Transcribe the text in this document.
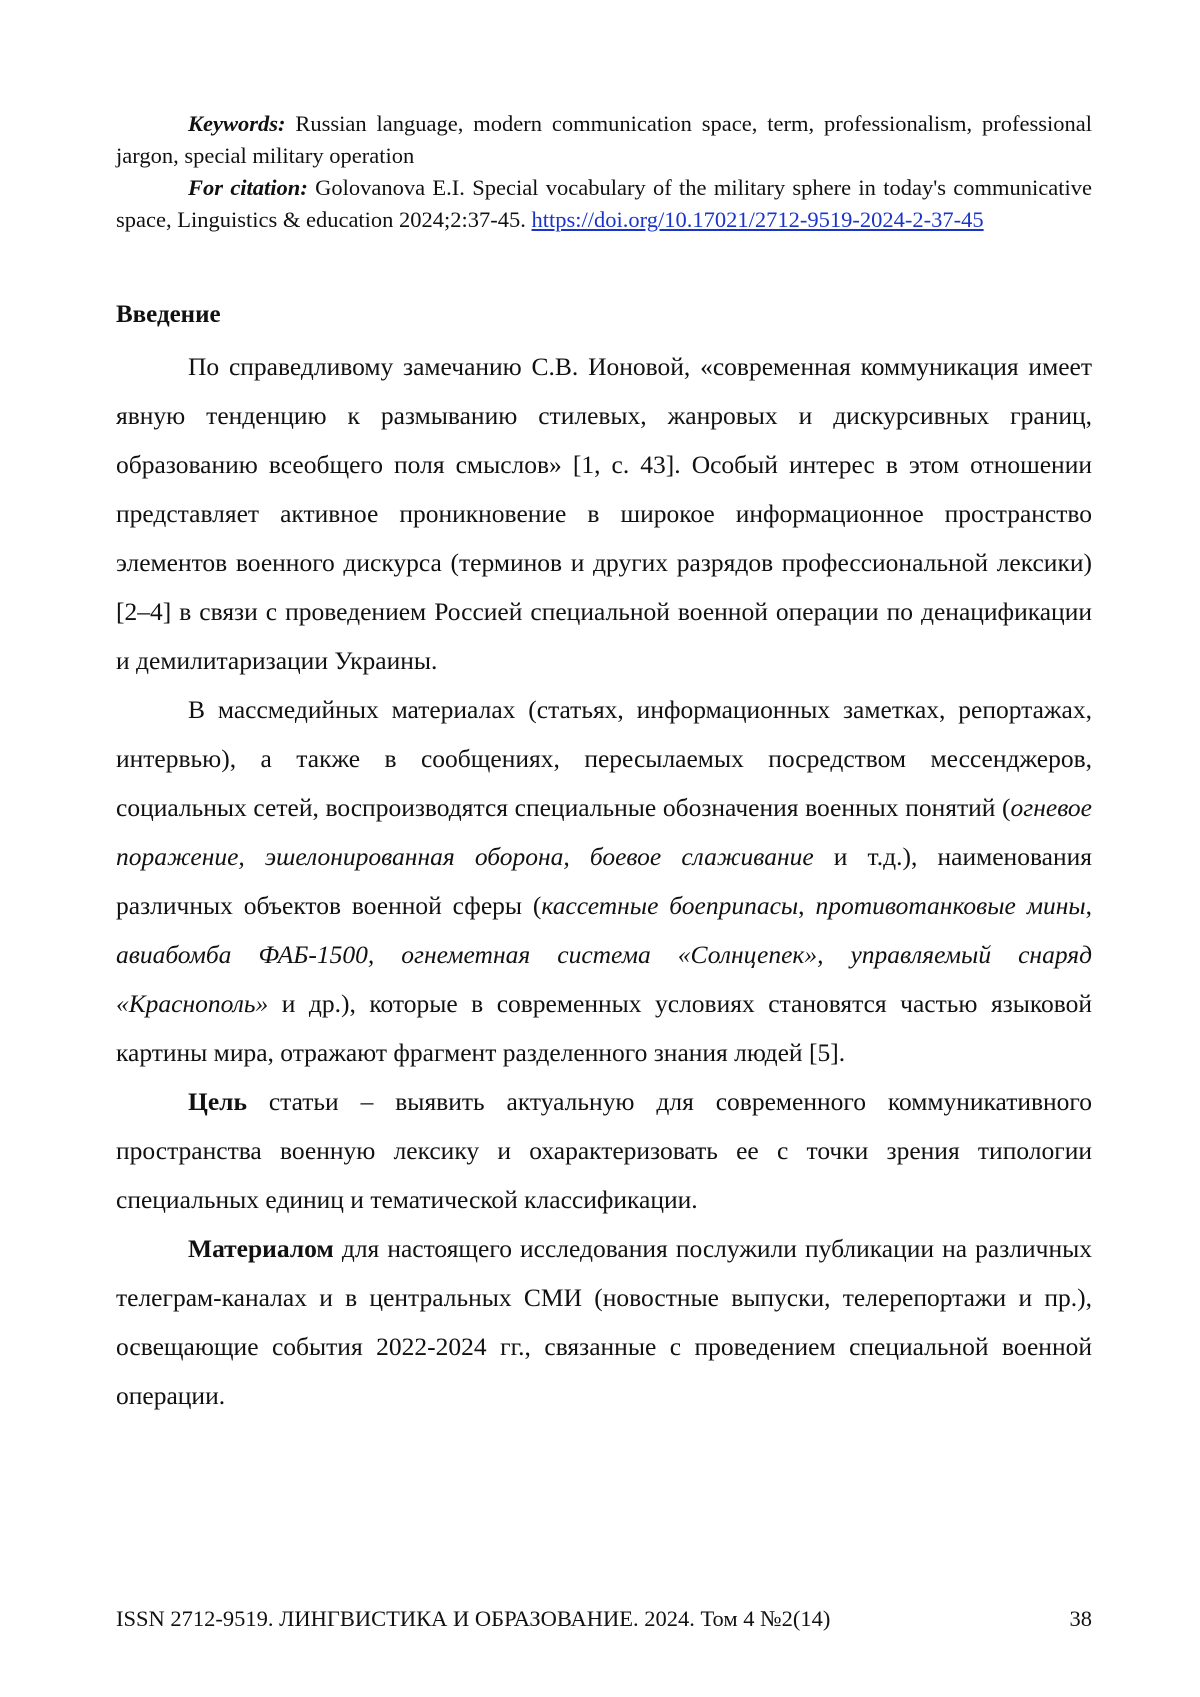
Keywords: Russian language, modern communication space, term, professionalism, professional jargon, special military operation

For citation: Golovanova E.I. Special vocabulary of the military sphere in today's communicative space, Linguistics & education 2024;2:37-45. https://doi.org/10.17021/2712-9519-2024-2-37-45

Введение

По справедливому замечанию С.В. Ионовой, «современная коммуникация имеет явную тенденцию к размыванию стилевых, жанровых и дискурсивных границ, образованию всеобщего поля смыслов» [1, с. 43]. Особый интерес в этом отношении представляет активное проникновение в широкое информационное пространство элементов военного дискурса (терминов и других разрядов профессиональной лексики) [2–4] в связи с проведением Россией специальной военной операции по денацификации и демилитаризации Украины.

В массмедийных материалах (статьях, информационных заметках, репортажах, интервью), а также в сообщениях, пересылаемых посредством мессенджеров, социальных сетей, воспроизводятся специальные обозначения военных понятий (огневое поражение, эшелонированная оборона, боевое слаживание и т.д.), наименования различных объектов военной сферы (кассетные боеприпасы, противотанковые мины, авиабомба ФАБ-1500, огнеметная система «Солнцепек», управляемый снаряд «Краснополь» и др.), которые в современных условиях становятся частью языковой картины мира, отражают фрагмент разделенного знания людей [5].

Цель статьи – выявить актуальную для современного коммуникативного пространства военную лексику и охарактеризовать ее с точки зрения типологии специальных единиц и тематической классификации.

Материалом для настоящего исследования послужили публикации на различных телеграм-каналах и в центральных СМИ (новостные выпуски, телерепортажи и пр.), освещающие события 2022-2024 гг., связанные с проведением специальной военной операции.

ISSN 2712-9519. ЛИНГВИСТИКА И ОБРАЗОВАНИЕ. 2024. Том 4 №2(14)	38
